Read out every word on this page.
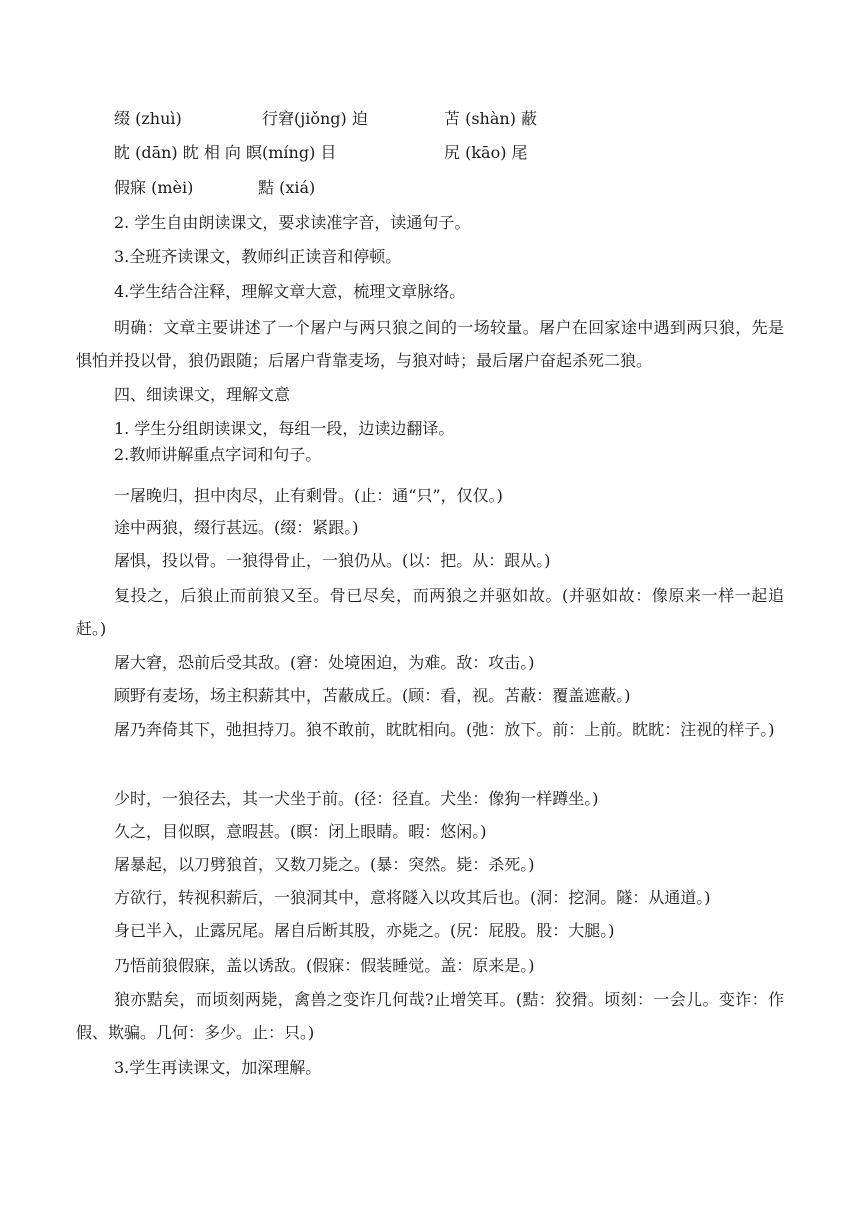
缀 (zhuì)	行窘(jiǒng) 迫	苫 (shàn) 蔽
眈 (dān) 眈 相 向 瞑(míng) 目	尻 (kāo) 尾
假寐 (mèi)	黠 (xiá)
2. 学生自由朗读课文，要求读准字音，读通句子。
3.全班齐读课文，教师纠正读音和停顿。
4.学生结合注释，理解文章大意，梳理文章脉络。
明确：文章主要讲述了一个屠户与两只狼之间的一场较量。屠户在回家途中遇到两只狼，先是惧怕并投以骨，狼仍跟随；后屠户背靠麦场，与狼对峙；最后屠户奋起杀死二狼。
四、细读课文，理解文意
1. 学生分组朗读课文，每组一段，边读边翻译。
2.教师讲解重点字词和句子。
一屠晚归，担中肉尽，止有剩骨。(止：通“只”，仅仅。)
途中两狼，缀行甚远。(缀：紧跟。)
屠惧，投以骨。一狼得骨止，一狼仍从。(以：把。从：跟从。)
复投之，后狼止而前狼又至。骨已尽矣，而两狼之并驱如故。(并驱如故：像原来一样一起追赶。)
屠大窘，恐前后受其敌。(窘：处境困迫，为难。敌：攻击。)
顾野有麦场，场主积薪其中，苫蔽成丘。(顾：看，视。苫蔽：覆盖遮蔽。)
屠乃奔倚其下，弛担持刀。狼不敢前，眈眈相向。(弛：放下。前：上前。眈眈：注视的样子。)
少时，一狼径去，其一犬坐于前。(径：径直。犬坐：像狗一样蹲坐。)
久之，目似瞑，意暇甚。(瞑：闭上眼睛。暇：悠闲。)
屠暴起，以刀劈狼首，又数刀毙之。(暴：突然。毙：杀死。)
方欲行，转视积薪后，一狼洞其中，意将隧入以攻其后也。(洞：挖洞。隧：从通道。)
身已半入，止露尻尾。屠自后断其股，亦毙之。(尻：屁股。股：大腿。)
乃悟前狼假寐，盖以诱敌。(假寐：假装睡觉。盖：原来是。)
狼亦黠矣，而顷刻两毙，禽兽之变诈几何哉?止增笑耳。(黠：狡猾。顷刻：一会儿。变诈：作假、欺骗。几何：多少。止：只。)
3.学生再读课文，加深理解。
